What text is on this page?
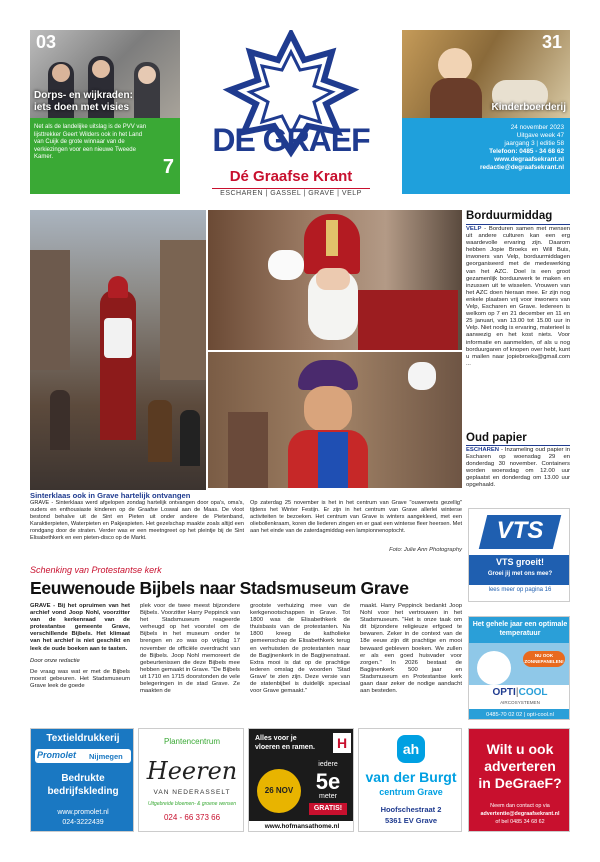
03
Dorps- en wijkraden:
iets doen met visies
Net als de landelijke uitslag is de PVV van lijsttrekker Geert Wilders ook in het Land van Cuijk de grote winnaar van de verkiezingen voor een nieuwe Tweede Kamer.	7
DE GRAEF
Dé Graafse Krant
ESCHAREN | GASSEL | GRAVE | VELP
31
Kinderboerderij
24 november 2023
Uitgave week 47
jaargang 3 | editie 58
Telefoon: 0485 - 34 68 62
www.degraafsekrant.nl
redactie@degraafsekrant.nl
Sinterklaas ook in Grave hartelijk ontvangen
GRAVE - Sinterklaas werd afgelopen zondag hartelijk ontvangen door opa's, oma's, ouders en enthousiaste kinderen op de Graafse Loswal aan de Maas. De vloot bestond behalve uit de Sint en Pieten uit onder andere de Pietenband, Karaktierpieten, Waterpieten en Pakjespieten. Het gezelschap maakte zoals altijd een rondgang door de straten. Verder was er een meetngreet op het pleintje bij de Sint Elisabethkerk en een pieten-disco op de Markt.
Op zaterdag 25 november is het in het centrum van Grave "ouwerwets gezellig" tijdens het Winter Festijn. Er zijn in het centrum van Grave allerlei winterse activiteiten te bezoeken. Het centrum van Grave is winters aangekleed, met een oliebollenkraam, koren die liederen zingen en er gaat een winterse fleer heersen. Met aan het einde van de zaterdagmiddag een lampionnenoptocht.
Foto: Julie Ann Photography
Borduurmiddag
VELP - Borduren samen met mensen uit andere culturen kan een erg waardevolle ervaring zijn. Daarom hebben Jopie Broeks en Will Buis, inwoners van Velp, borduurmiddagen georganiseerd met de medewerking van het AZC. Doel is een groot gezamenlijk borduurwerk te maken en inzussen uit te wisselen. Vrouwen van het AZC doen hieraan mee. Er zijn nog enkele plaatsen vrij voor inwoners van Velp, Escharen en Grave. Iedereen is welkom op 7 en 21 december en 11 en 25 januari, van 13.00 tot 15.00 uur in Velp. Niet nodig is ervaring, materieel is aanwezig en het kost niets. Voor informatie en aanmelden, of als u nog borduurgaren of knopen over hebt, kunt u mailen naar jopiebroeks@gmail.com ...
Oud papier
ESCHAREN - Inzameling oud papier in Escharen op woensdag 29 en donderdag 30 november. Containers worden woensdag om 12.00 uur geplaatst en donderdag om 13.00 uur opgehaald.
VTS
VTS groeit!
Groei jij met ons mee?
lees meer op pagina 16
Het gehele jaar een optimale temperatuur
NU OOK ZONNEPANELEN!
OPTI|COOL
AIRCOSYSTEMEN
0485-70 02 02 | opti-cool.nl
Schenking van Protestantse kerk
Eeuwenoude Bijbels naar Stadsmuseum Grave
GRAVE - Bij het opruimen van het archief vond Joop Nohl, voorzitter van de kerkenraad van de protestantse gemeente Grave, verschillende Bijbels. Het klimaat van het archief is niet geschikt en leek de oude boeken aan te tasten.
Door onze redactie
De vraag was wat er met de Bijbels moest gebeuren. Het Stadsmuseum Grave leek de goede
plek voor de twee meest bijzondere Bijbels. Voorzitter Harry Peppinck van het Stadsmuseum reageerde verheugd op het voorstel om de Bijbels in het museum onder te brengen en zo was op vrijdag 17 november de officiële overdracht van de Bijbels. Joop Nohl memoreert de gebeurtenissen die deze Bijbels mee hebben gemaakt in Grave. "De Bijbels uit 1710 en 1715 doorstonden de vele belegeringen in de stad Grave. Ze maakten de
grootste verhuizing mee van de kerkgenootschappen in Grave. Tot 1800 was de Elisabethkerk de thuisbasis van de protestanten. Na 1800 kreeg de katholieke gemeenschap de Elisabethkerk terug en verhuisden de protestanten naar de Bagijnenkerk in de Bagijnenstraat. Extra mooi is dat op de prachtige lederen omslag de woorden 'Stad Grave' te zien zijn. Deze versie van de statenbijbel is duidelijk speciaal voor Grave gemaakt."
maakt. Harry Peppinck bedankt Joop Nohl voor het vertrouwen in het Stadsmuseum. "Het is onze taak om dit bijzondere religieuze erfgoed te bewaren. Zeker in de context van de 18e eeuw zijn dit prachtige en mooi bewaard gebleven boeken. We zullen er als een goed huisvader voor zorgen." In 2026 bestaat de Bagijnenkerk 500 jaar en Stadsmuseum en Protestantse kerk gaan daar zeker de nodige aandacht aan besteden.
Textieldrukkerij
Promolet Nijmegen
Bedrukte
bedrijfskleding
www.promolet.nl
024-3222439
Plantencentrum
Heeren
VAN NEDERASSELT
Uitgebreide bloemen- & groene wensen
024 - 66 373 66
Alles voor je
vloeren en ramen. H
26 NOV
iedere
5e
meter
GRATIS!
www.hofmansathome.nl
ah
van der Burgt
centrum Grave
Hoofschestraat 2
5361 EV Grave
Wilt u ook
adverteren
in DeGraeF?
Neem dan contact op via
advertentie@degraafsekrant.nl
of bel 0485 34 68 62
